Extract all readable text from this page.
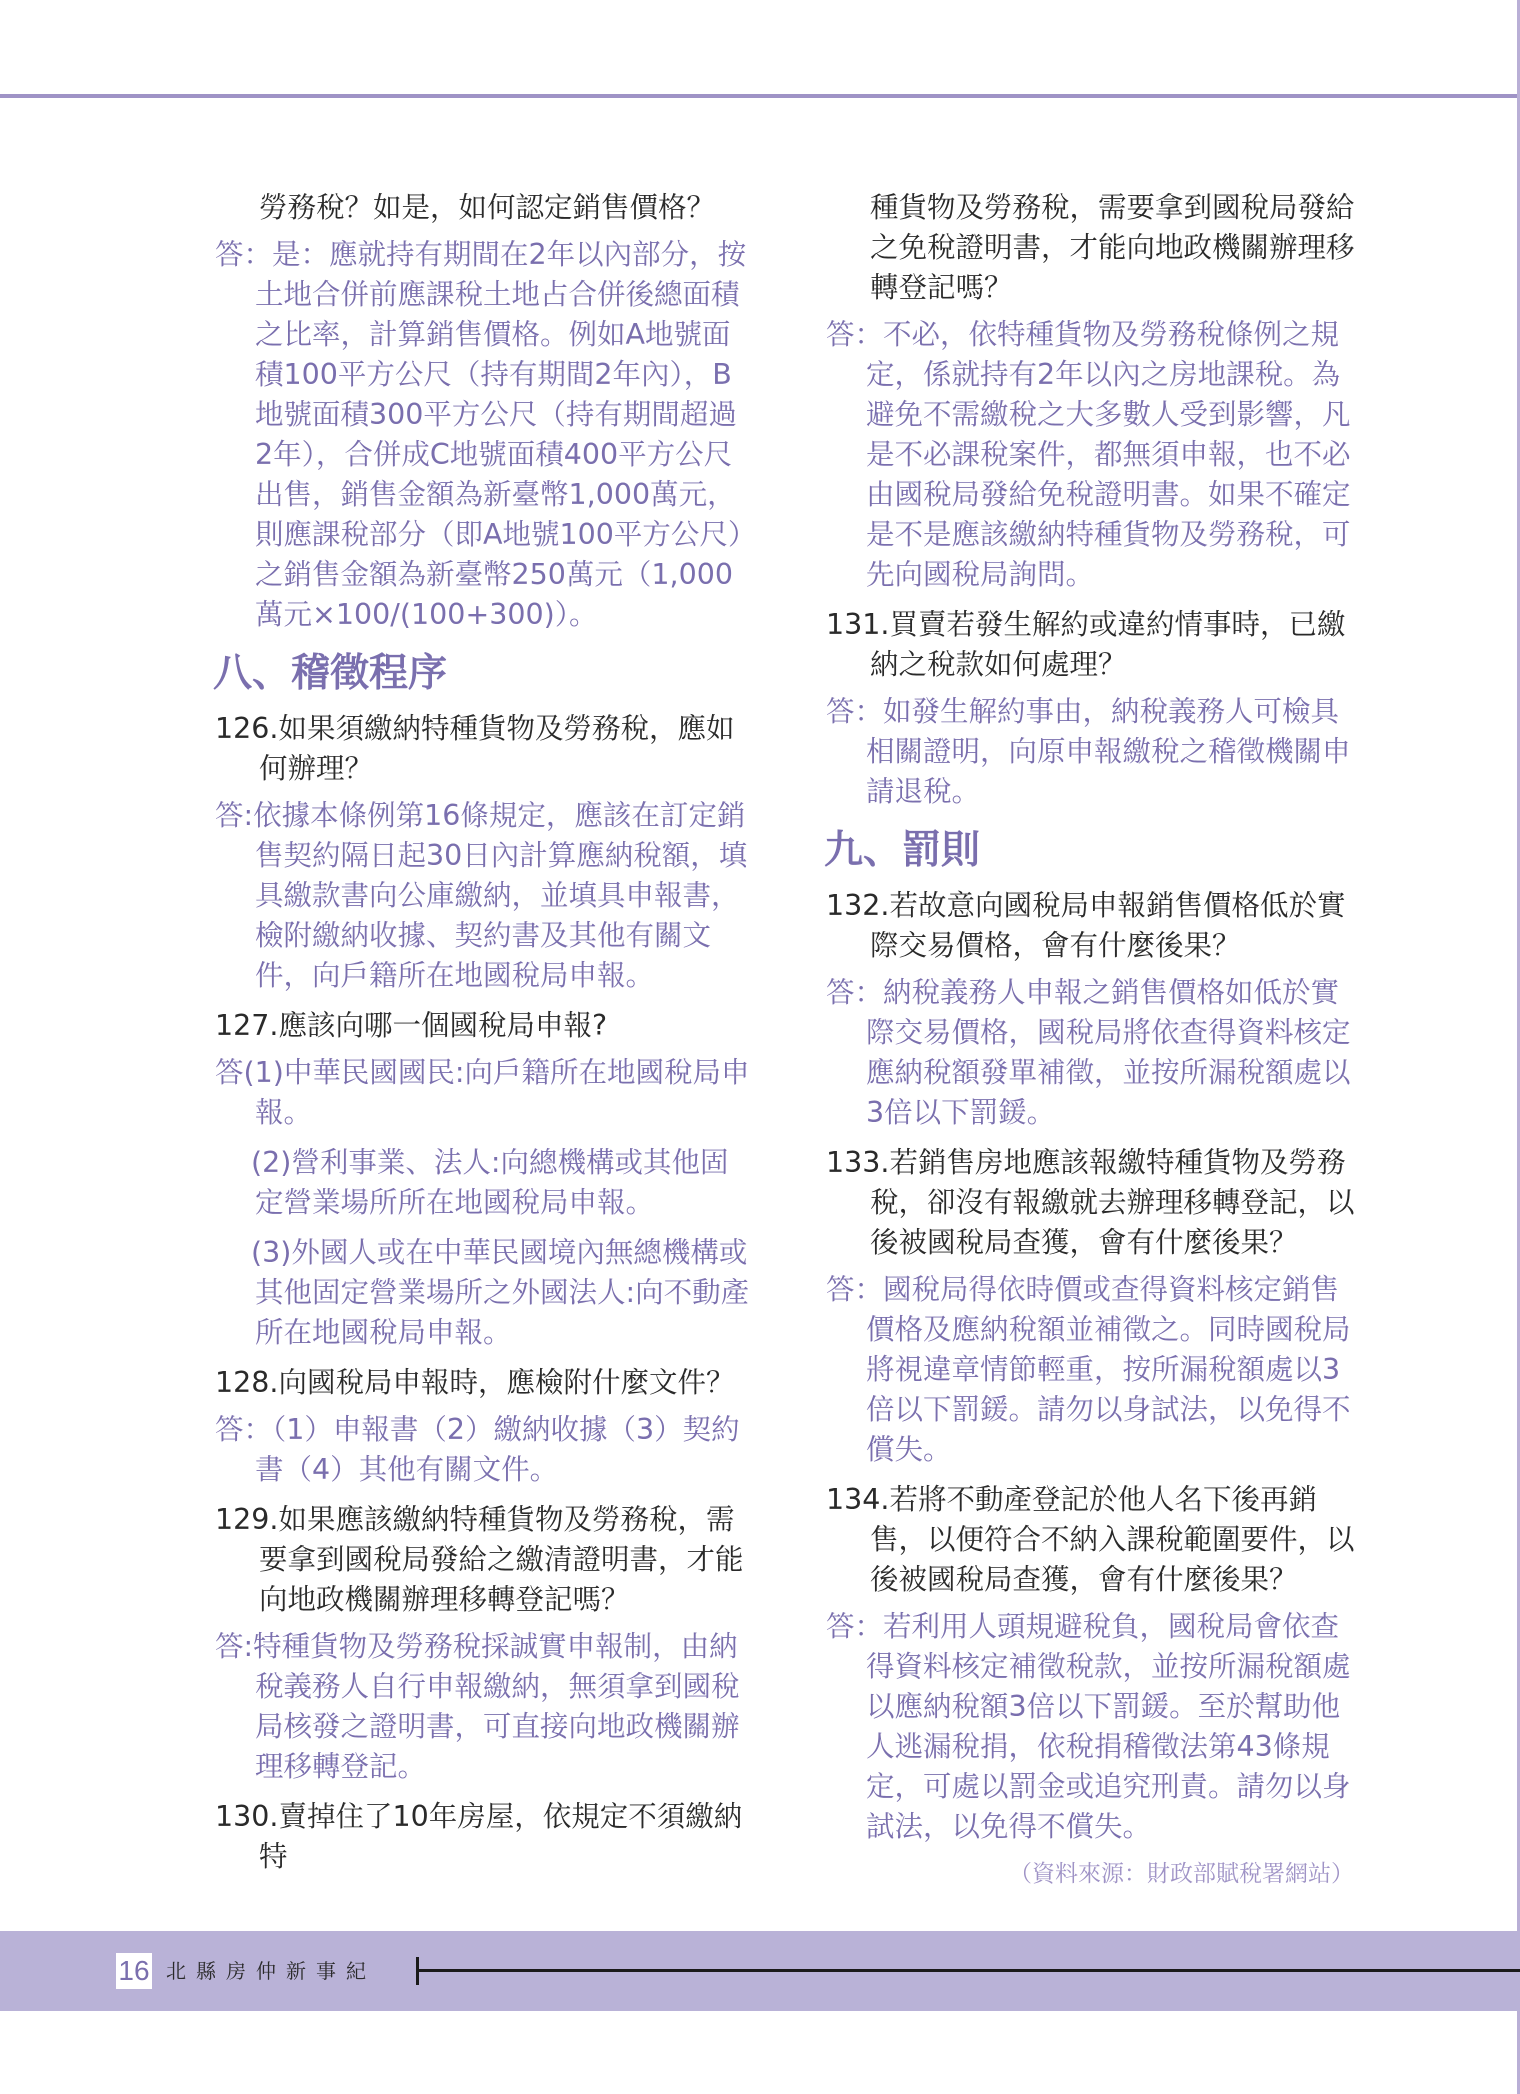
勞務稅？如是，如何認定銷售價格？
答：是：應就持有期間在2年以內部分，按土地合併前應課稅土地占合併後總面積之比率，計算銷售價格。例如A地號面積100平方公尺（持有期間2年內），B地號面積300平方公尺（持有期間超過2年），合併成C地號面積400平方公尺出售，銷售金額為新臺幣1,000萬元，則應課稅部分（即A地號100平方公尺）之銷售金額為新臺幣250萬元（1,000萬元×100/(100+300)）。
八、稽徵程序
126.如果須繳納特種貨物及勞務稅，應如何辦理？
答:依據本條例第16條規定，應該在訂定銷售契約隔日起30日內計算應納稅額，填具繳款書向公庫繳納，並填具申報書，檢附繳納收據、契約書及其他有關文件，向戶籍所在地國稅局申報。
127.應該向哪一個國稅局申報?
答(1)中華民國國民:向戶籍所在地國稅局申報。
(2)營利事業、法人:向總機構或其他固定營業場所所在地國稅局申報。
(3)外國人或在中華民國境內無總機構或其他固定營業場所之外國法人:向不動產所在地國稅局申報。
128.向國稅局申報時，應檢附什麼文件？
答：（1）申報書（2）繳納收據（3）契約書（4）其他有關文件。
129.如果應該繳納特種貨物及勞務稅，需要拿到國稅局發給之繳清證明書，才能向地政機關辦理移轉登記嗎？
答:特種貨物及勞務稅採誠實申報制，由納稅義務人自行申報繳納，無須拿到國稅局核發之證明書，可直接向地政機關辦理移轉登記。
130.賣掉住了10年房屋，依規定不須繳納特
種貨物及勞務稅，需要拿到國稅局發給之免稅證明書，才能向地政機關辦理移轉登記嗎？
答：不必，依特種貨物及勞務稅條例之規定，係就持有2年以內之房地課稅。為避免不需繳稅之大多數人受到影響，凡是不必課稅案件，都無須申報，也不必由國稅局發給免稅證明書。如果不確定是不是應該繳納特種貨物及勞務稅，可先向國稅局詢問。
131.買賣若發生解約或違約情事時，已繳納之稅款如何處理？
答：如發生解約事由，納稅義務人可檢具相關證明，向原申報繳稅之稽徵機關申請退稅。
九、罰則
132.若故意向國稅局申報銷售價格低於實際交易價格，會有什麼後果？
答：納稅義務人申報之銷售價格如低於實際交易價格，國稅局將依查得資料核定應納稅額發單補徵，並按所漏稅額處以3倍以下罰鍰。
133.若銷售房地應該報繳特種貨物及勞務稅，卻沒有報繳就去辦理移轉登記，以後被國稅局查獲，會有什麼後果？
答：國稅局得依時價或查得資料核定銷售價格及應納稅額並補徵之。同時國稅局將視違章情節輕重，按所漏稅額處以3倍以下罰鍰。請勿以身試法，以免得不償失。
134.若將不動產登記於他人名下後再銷售，以便符合不納入課稅範圍要件，以後被國稅局查獲，會有什麼後果？
答：若利用人頭規避稅負，國稅局會依查得資料核定補徵稅款，並按所漏稅額處以應納稅額3倍以下罰鍰。至於幫助他人逃漏稅捐，依稅捐稽徵法第43條規定，可處以罰金或追究刑責。請勿以身試法，以免得不償失。
（資料來源：財政部賦稅署網站）
16 北縣房仲新事紀
